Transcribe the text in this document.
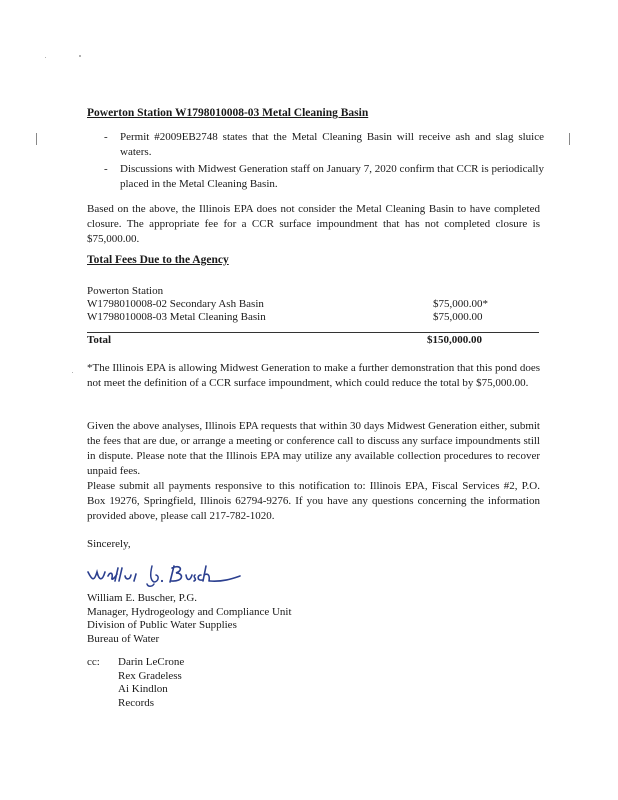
Powerton Station W1798010008-03 Metal Cleaning Basin
- Permit #2009EB2748 states that the Metal Cleaning Basin will receive ash and slag sluice waters.
- Discussions with Midwest Generation staff on January 7, 2020 confirm that CCR is periodically placed in the Metal Cleaning Basin.

Based on the above, the Illinois EPA does not consider the Metal Cleaning Basin to have completed closure. The appropriate fee for a CCR surface impoundment that has not completed closure is $75,000.00.

Total Fees Due to the Agency
Powerton Station
W1798010008-02 Secondary Ash Basin	$75,000.00*
W1798010008-03 Metal Cleaning Basin	$75,000.00
Total	$150,000.00

*The Illinois EPA is allowing Midwest Generation to make a further demonstration that this pond does not meet the definition of a CCR surface impoundment, which could reduce the total by $75,000.00.

Given the above analyses, Illinois EPA requests that within 30 days Midwest Generation either, submit the fees that are due, or arrange a meeting or conference call to discuss any surface impoundments still in dispute. Please note that the Illinois EPA may utilize any available collection procedures to recover unpaid fees.

Please submit all payments responsive to this notification to: Illinois EPA, Fiscal Services #2, P.O. Box 19276, Springfield, Illinois 62794-9276. If you have any questions concerning the information provided above, please call 217-782-1020.

Sincerely,
William E. Buscher, P.G.
Manager, Hydrogeology and Compliance Unit
Division of Public Water Supplies
Bureau of Water
cc: Darin LeCrone
Rex Gradeless
Ai Kindlon
Records
